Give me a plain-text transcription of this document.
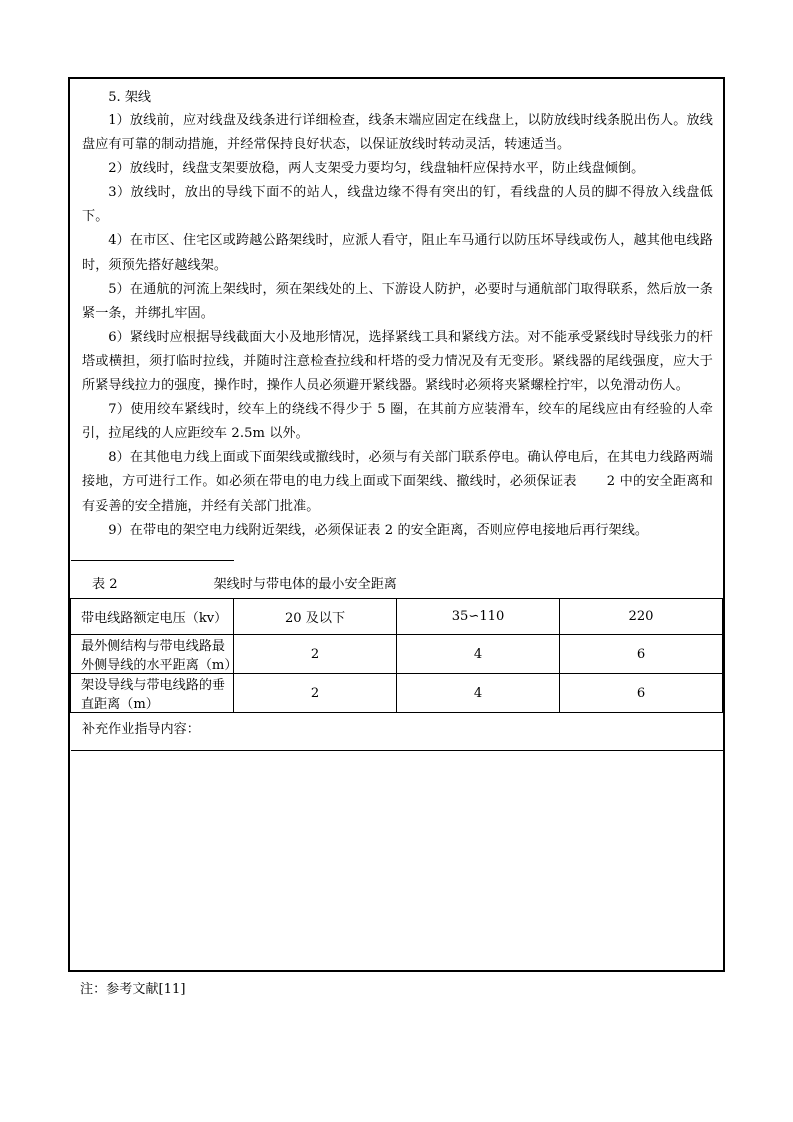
5. 架线

1）放线前，应对线盘及线条进行详细检查，线条末端应固定在线盘上，以防放线时线条脱出伤人。放线盘应有可靠的制动措施，并经常保持良好状态，以保证放线时转动灵活，转速适当。

2）放线时，线盘支架要放稳，两人支架受力要均匀，线盘轴杆应保持水平，防止线盘倾倒。

3）放线时，放出的导线下面不的站人，线盘边缘不得有突出的钉，看线盘的人员的脚不得放入线盘低下。

4）在市区、住宅区或跨越公路架线时，应派人看守，阻止车马通行以防压坏导线或伤人，越其他电线路时，须预先搭好越线架。

5）在通航的河流上架线时，须在架线处的上、下游设人防护，必要时与通航部门取得联系，然后放一条紧一条，并绑扎牢固。

6）紧线时应根据导线截面大小及地形情况，选择紧线工具和紧线方法。对不能承受紧线时导线张力的杆塔或横担，须打临时拉线，并随时注意检查拉线和杆塔的受力情况及有无变形。紧线器的尾线强度，应大于所紧导线拉力的强度，操作时，操作人员必须避开紧线器。紧线时必须将夹紧螺栓拧牢，以免滑动伤人。

7）使用绞车紧线时，绞车上的绕线不得少于 5 圈，在其前方应装滑车，绞车的尾线应由有经验的人牵引，拉尾线的人应距绞车 2.5m 以外。

8）在其他电力线上面或下面架线或撤线时，必须与有关部门联系停电。确认停电后，在其电力线路两端接地，方可进行工作。如必须在带电的电力线上面或下面架线、撤线时，必须保证表 2 中的安全距离和有妥善的安全措施，并经有关部门批准。

9）在带电的架空电力线附近架线，必须保证表 2 的安全距离，否则应停电接地后再行架线。

表 2	架线时与带电体的最小安全距离

带电线路额定电压（kv）	20 及以下	35∽110	220
最外侧结构与带电线路最外侧导线的水平距离（m）	2	4	6
架设导线与带电线路的垂直距离（m）	2	4	6

补充作业指导内容：
注：参考文献[11]
